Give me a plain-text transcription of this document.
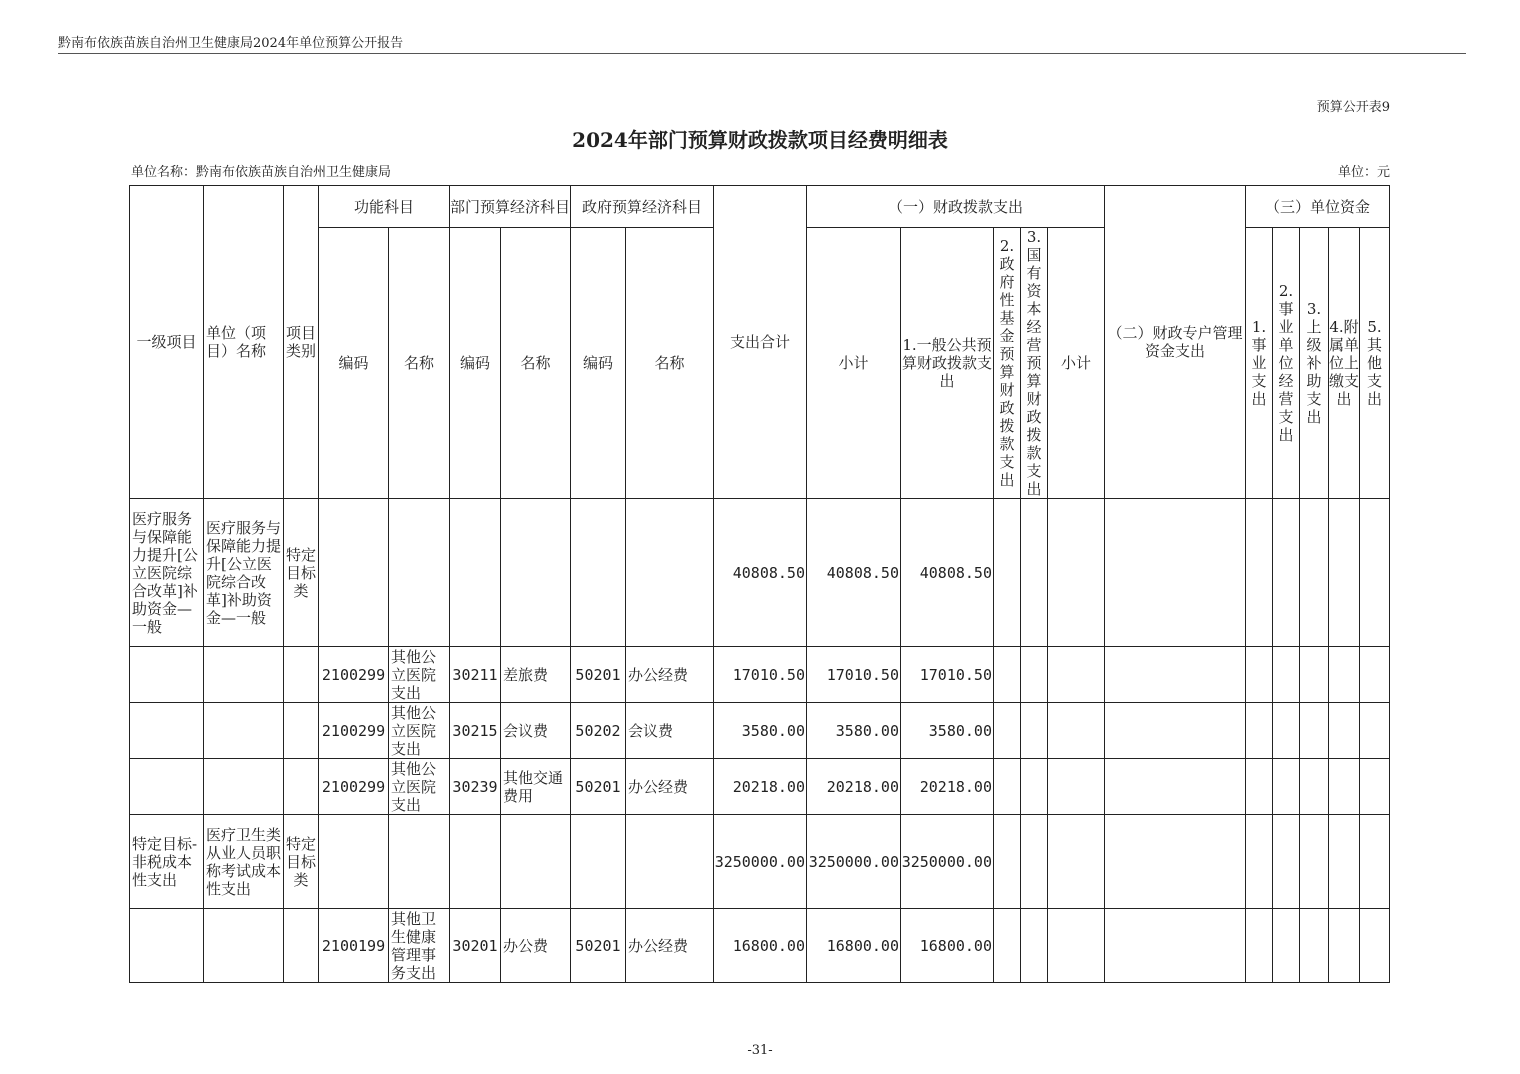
黔南布依族苗族自治州卫生健康局2024年单位预算公开报告
预算公开表9
2024年部门预算财政拨款项目经费明细表
单位名称：黔南布依族苗族自治州卫生健康局	单位：元
一级项目	单位（项目）名称	项目类别	功能科目		部门预算经济科目		政府预算经济科目		支出合计	（一）财政拨款支出					（二）财政专户管理资金支出	（三）单位资金				
			编码	名称	编码	名称	编码	名称		小计	1.一般公共预算财政拨款支出	2.政府性基金预算财政拨款支出	3.国有资本经营预算财政拨款支出	小计		1.事业支出	2.事业单位经营支出	3.上级补助支出	4.附属单位上缴支出	5.其他支出
医疗服务与保障能力提升[公立医院综合改革]补助资金—一般	医疗服务与保障能力提升[公立医院综合改革]补助资金—一般	特定目标类							40808.50	40808.50	40808.50									
			2100299	其他公立医院支出	30211	差旅费	50201	办公经费	17010.50	17010.50	17010.50									
			2100299	其他公立医院支出	30215	会议费	50202	会议费	3580.00	3580.00	3580.00									
			2100299	其他公立医院支出	30239	其他交通费用	50201	办公经费	20218.00	20218.00	20218.00									
特定目标-非税成本性支出	医疗卫生类从业人员职称考试成本性支出	特定目标类							3250000.00	3250000.00	3250000.00									
			2100199	其他卫生健康管理事务支出	30201	办公费	50201	办公经费	16800.00	16800.00	16800.00									
-31-
